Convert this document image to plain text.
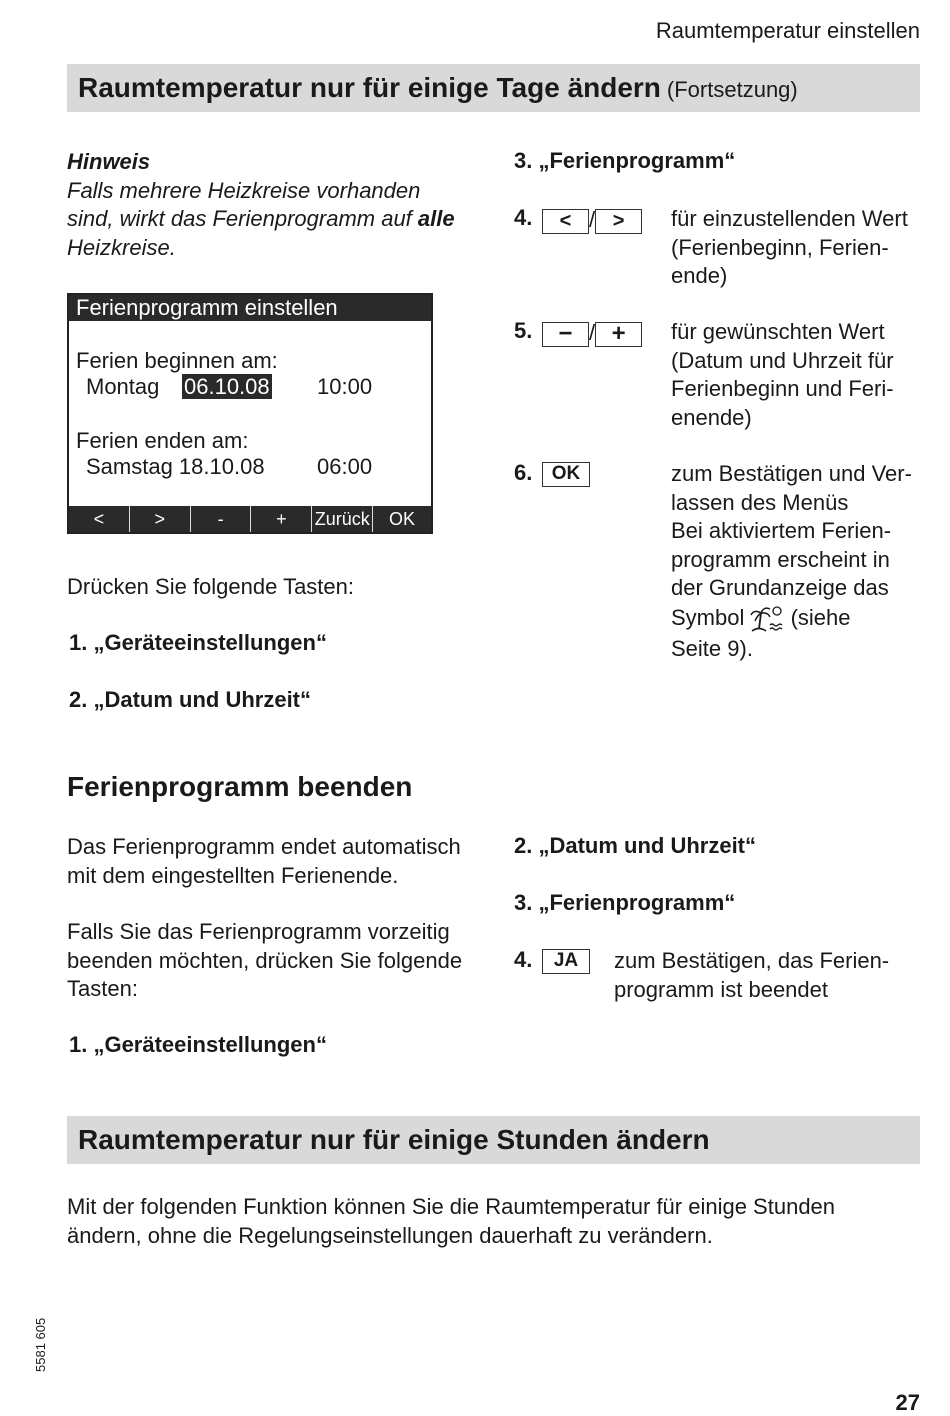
Raumtemperatur einstellen
Raumtemperatur nur für einige Tage ändern (Fortsetzung)
Hinweis
Falls mehrere Heizkreise vorhanden
sind, wirkt das Ferienprogramm auf alle
Heizkreise.
Ferienprogramm einstellen
Ferien beginnen am:
Montag 06.10.08 10:00
Ferien enden am:
Samstag 18.10.08 06:00
<	>	-	+	Zurück	OK
Drücken Sie folgende Tasten:
1. „Geräteeinstellungen“
2. „Datum und Uhrzeit“
3. „Ferienprogramm“
4.	< / >	für einzustellenden Wert
(Ferienbeginn, Ferien-
ende)
5.	− / +	für gewünschten Wert
(Datum und Uhrzeit für
Ferienbeginn und Feri-
enende)
6.	OK	zum Bestätigen und Ver-
lassen des Menüs
Bei aktiviertem Ferien-
programm erscheint in
der Grundanzeige das
Symbol (siehe
Seite 9).
Ferienprogramm beenden
Das Ferienprogramm endet automatisch
mit dem eingestellten Ferienende.
Falls Sie das Ferienprogramm vorzeitig
beenden möchten, drücken Sie folgende
Tasten:
1. „Geräteeinstellungen“
2. „Datum und Uhrzeit“
3. „Ferienprogramm“
4.	JA	zum Bestätigen, das Ferien-
programm ist beendet
Raumtemperatur nur für einige Stunden ändern
Mit der folgenden Funktion können Sie die Raumtemperatur für einige Stunden
ändern, ohne die Regelungseinstellungen dauerhaft zu verändern.
5581 605
27
